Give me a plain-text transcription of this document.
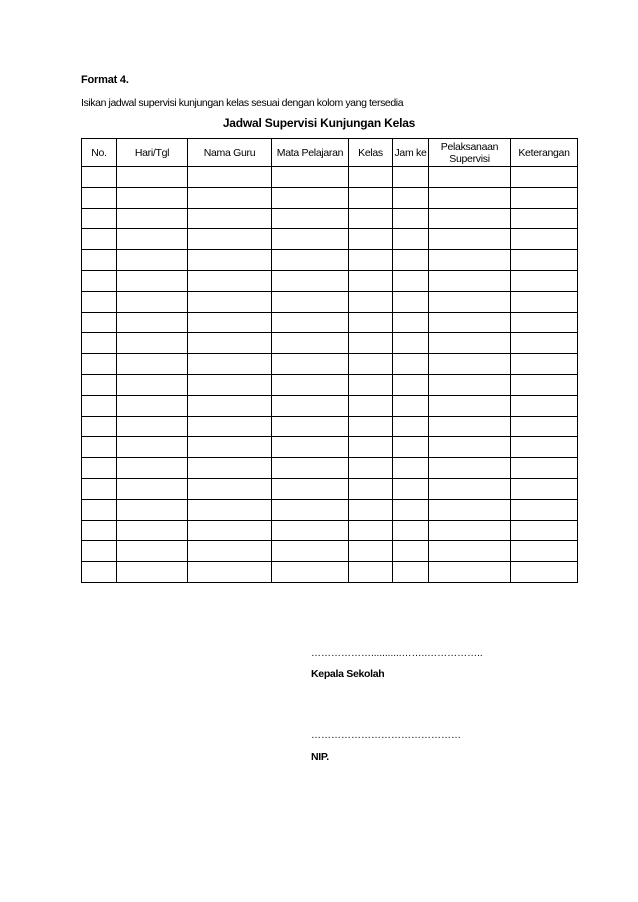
Format 4.
Isikan jadwal supervisi kunjungan kelas sesuai dengan kolom yang tersedia
Jadwal Supervisi Kunjungan Kelas
No.	Hari/Tgl	Nama Guru	Mata Pelajaran	Kelas	Jam ke	Pelaksanaan Supervisi	Keterangan

………………...........……..……………..
Kepala Sekolah
………………………………………
NIP.
